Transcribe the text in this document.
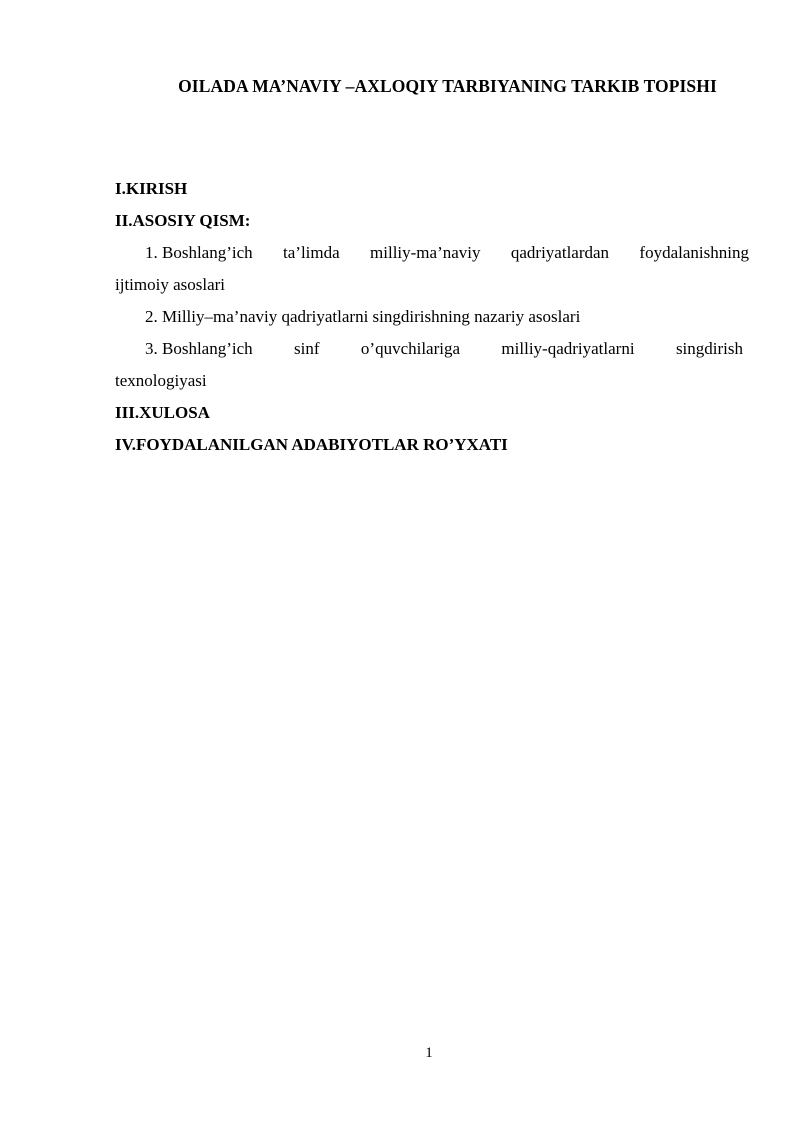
OILADA MA’NAVIY –AXLOQIY TARBIYANING TARKIB TOPISHI
I.KIRISH
II.ASOSIY QISM:
1. Boshlang’ich ta’limda milliy-ma’naviy qadriyatlardan foydalanishning
ijtimoiy asoslari
2. Milliy–ma’naviy qadriyatlarni singdirishning nazariy asoslari
3. Boshlang’ich sinf o’quvchilariga milliy-qadriyatlarni singdirish
texnologiyasi
III.XULOSA
IV.FOYDALANILGAN ADABIYOTLAR RO’YXATI
1
